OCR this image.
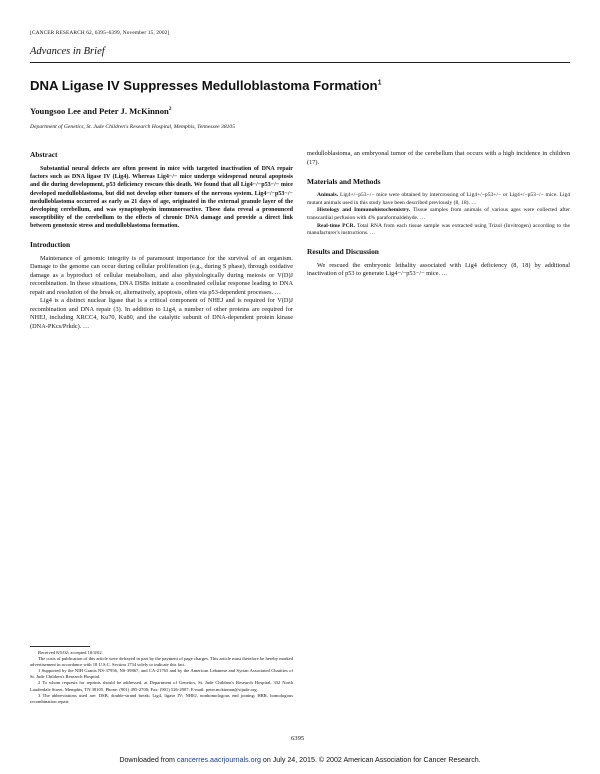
[CANCER RESEARCH 62, 6395–6399, November 15, 2002]
Advances in Brief
DNA Ligase IV Suppresses Medulloblastoma Formation$^1$
Youngsoo Lee and Peter J. McKinnon$^2$
Department of Genetics, St. Jude Children's Research Hospital, Memphis, Tennessee 38105
Abstract

Substantial neural defects are often present in mice with targeted inactivation of DNA repair factors such as DNA ligase IV (Lig4). Whereas Lig4−/− mice undergo widespread neural apoptosis and die during development, p53 deficiency rescues this death. We found that all Lig4−/−p53−/− mice developed medulloblastoma, but did not develop other tumors of the nervous system. Lig4−/−p53−/− medulloblastoma occurred as early as 21 days of age, originated in the external granule layer of the developing cerebellum, and was synaptophysin immunoreactive. These data reveal a pronounced susceptibility of the cerebellum to the effects of chronic DNA damage and provide a direct link between genotoxic stress and medulloblastoma formation.

Introduction

Maintenance of genomic integrity is of paramount importance for the survival of an organism. Damage to the genome can occur during cellular proliferation (e.g., during S phase), through oxidative damage as a byproduct of cellular metabolism, and also physiologically during meiosis or V(D)J recombination. In these situations, DNA DSBs initiate a coordinated cellular response leading to DNA repair and resolution of the break or, alternatively, apoptosis, often via p53-dependent processes. …

Lig4 is a distinct nuclear ligase that is a critical component of NHEJ and is required for V(D)J recombination and DNA repair (3). In addition to Lig4, a number of other proteins are required for NHEJ, including XRCC4, Ku70, Ku80, and the catalytic subunit of DNA-dependent protein kinase (DNA-PKcs/Prkdc). …

Received 8/5/02; accepted 10/4/02.

The costs of publication of this article were defrayed in part by the payment of page charges. This article must therefore be hereby marked advertisement in accordance with 18 U.S.C. Section 1734 solely to indicate this fact.

1 Supported by the NIH Grants NS-37956, NS-39867, and CA-21765 and by the American Lebanese and Syrian Associated Charities of St. Jude Children's Research Hospital.

2 To whom requests for reprints should be addressed, at Department of Genetics, St. Jude Children's Research Hospital, 332 North Lauderdale Street, Memphis, TN 38105. Phone: (901) 495-2700; Fax: (901) 526-2907; E-mail: peter.mckinnon@stjude.org.

3 The abbreviations used are: DSB, double-strand break; Lig4, ligase IV; NHEJ, nonhomologous end joining; HRR, homologous recombination repair.

medulloblastoma, an embryonal tumor of the cerebellum that occurs with a high incidence in children (17).

Materials and Methods

Animals. Lig4+/−p53−/− mice were obtained by intercrossing of Lig4+/−p53+/− or Lig4+/−p53−/− mice. Lig4 mutant animals used in this study have been described previously (8, 18). …

Histology and Immunohistochemistry. Tissue samples from animals of various ages were collected after transcardial perfusion with 4% paraformaldehyde. …

Real-time PCR. Total RNA from each tissue sample was extracted using Trizol (Invitrogen) according to the manufacturer's instructions. …

Results and Discussion

We rescued the embryonic lethality associated with Lig4 deficiency (8, 18) by additional inactivation of p53 to generate Lig4−/−p53−/− mice. …

6395
Downloaded from cancerres.aacrjournals.org on July 24, 2015. © 2002 American Association for Cancer Research.
